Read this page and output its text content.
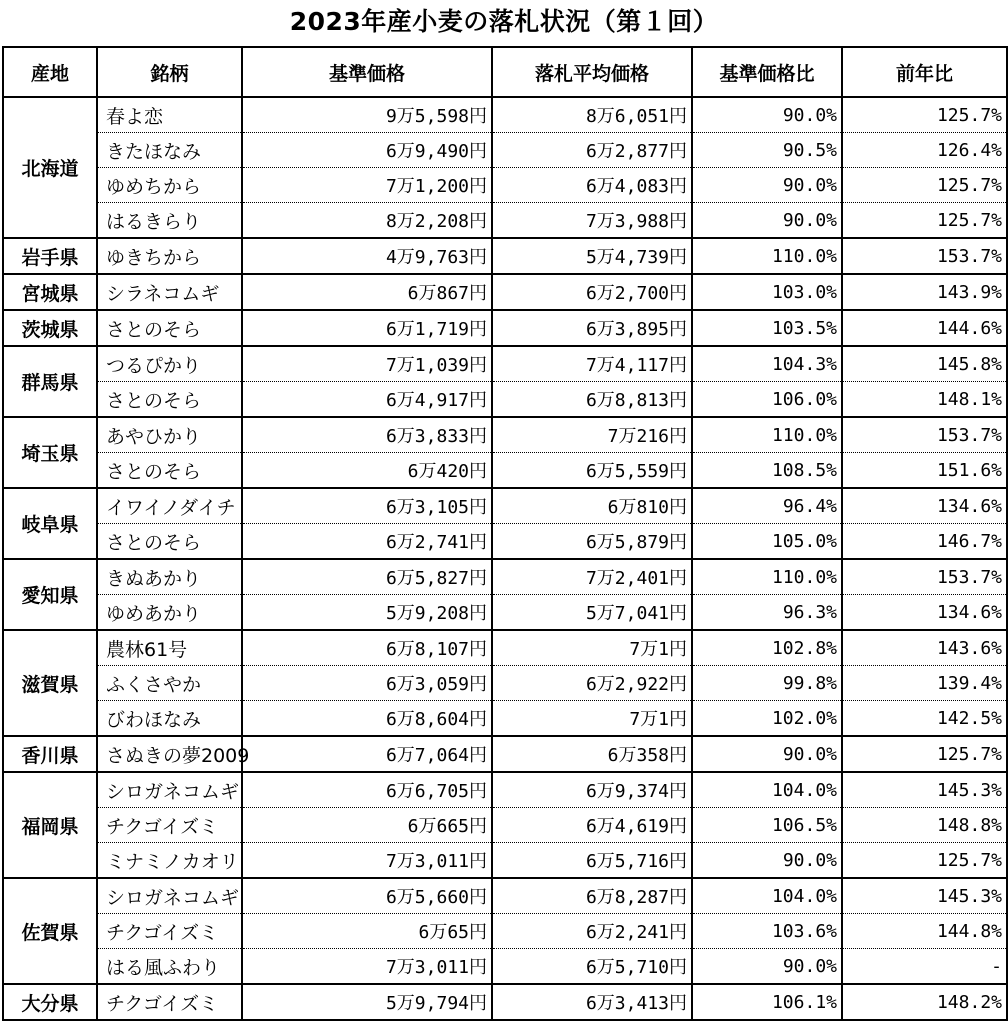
2023年産小麦の落札状況（第１回）
産地	銘柄	基準価格	落札平均価格	基準価格比	前年比
北海道	春よ恋	9万5,598円	8万6,051円	90.0%	125.7%
	きたほなみ	6万9,490円	6万2,877円	90.5%	126.4%
	ゆめちから	7万1,200円	6万4,083円	90.0%	125.7%
	はるきらり	8万2,208円	7万3,988円	90.0%	125.7%
岩手県	ゆきちから	4万9,763円	5万4,739円	110.0%	153.7%
宮城県	シラネコムギ	6万867円	6万2,700円	103.0%	143.9%
茨城県	さとのそら	6万1,719円	6万3,895円	103.5%	144.6%
群馬県	つるぴかり	7万1,039円	7万4,117円	104.3%	145.8%
	さとのそら	6万4,917円	6万8,813円	106.0%	148.1%
埼玉県	あやひかり	6万3,833円	7万216円	110.0%	153.7%
	さとのそら	6万420円	6万5,559円	108.5%	151.6%
岐阜県	イワイノダイチ	6万3,105円	6万810円	96.4%	134.6%
	さとのそら	6万2,741円	6万5,879円	105.0%	146.7%
愛知県	きぬあかり	6万5,827円	7万2,401円	110.0%	153.7%
	ゆめあかり	5万9,208円	5万7,041円	96.3%	134.6%
滋賀県	農林61号	6万8,107円	7万1円	102.8%	143.6%
	ふくさやか	6万3,059円	6万2,922円	99.8%	139.4%
	びわほなみ	6万8,604円	7万1円	102.0%	142.5%
香川県	さぬきの夢2009	6万7,064円	6万358円	90.0%	125.7%
福岡県	シロガネコムギ	6万6,705円	6万9,374円	104.0%	145.3%
	チクゴイズミ	6万665円	6万4,619円	106.5%	148.8%
	ミナミノカオリ	7万3,011円	6万5,716円	90.0%	125.7%
佐賀県	シロガネコムギ	6万5,660円	6万8,287円	104.0%	145.3%
	チクゴイズミ	6万65円	6万2,241円	103.6%	144.8%
	はる風ふわり	7万3,011円	6万5,710円	90.0%	-
大分県	チクゴイズミ	5万9,794円	6万3,413円	106.1%	148.2%
